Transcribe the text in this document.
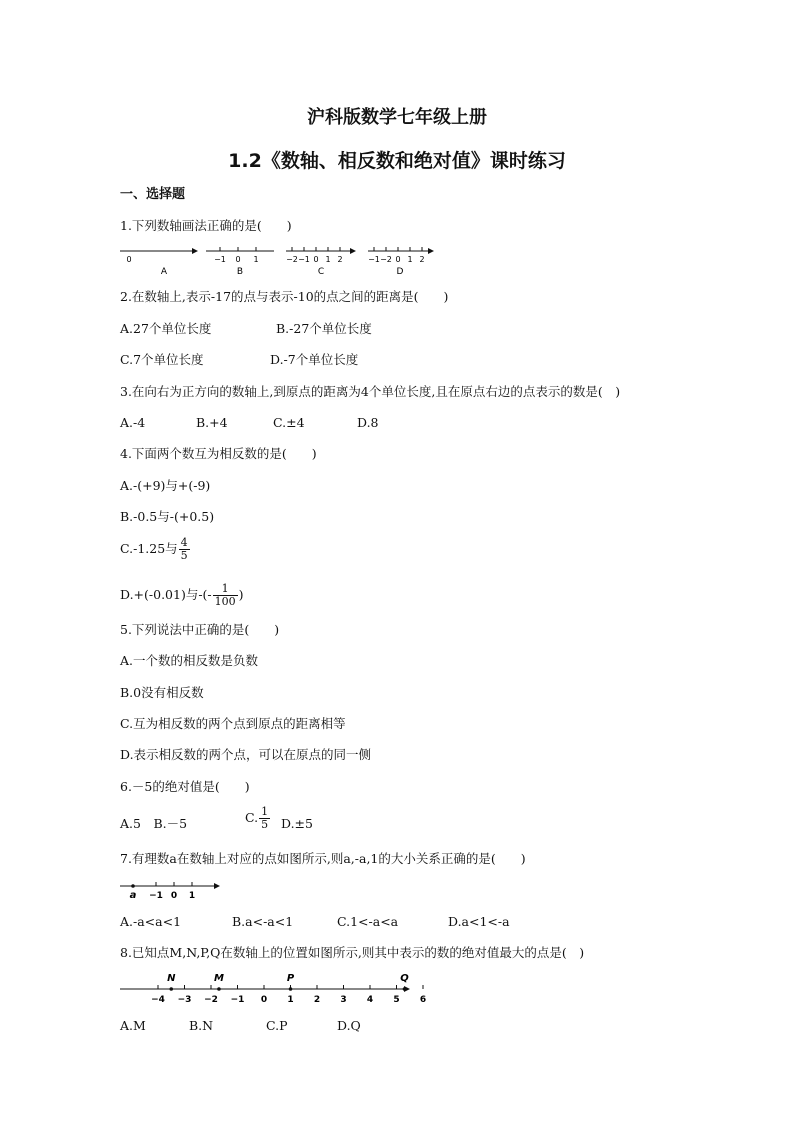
沪科版数学七年级上册
1.2《数轴、相反数和绝对值》课时练习
一、选择题
1.下列数轴画法正确的是(　　)
0
A
−1 0 1
B
−2 −1 0 1 2
C
−1 −2 0 1 2
D
2.在数轴上,表示-17的点与表示-10的点之间的距离是(　　)
A.27个单位长度	B.-27个单位长度
C.7个单位长度	D.-7个单位长度
3.在向右为正方向的数轴上,到原点的距离为4个单位长度,且在原点右边的点表示的数是(　)
A.-4	B.+4	C.±4	D.8
4.下面两个数互为相反数的是(　　)
A.-(+9)与+(-9)
B.-0.5与-(+0.5)
C.-1.25与 $\frac{4}{5}$
D.+(-0.01)与-(- $\frac{1}{100}$ )
5.下列说法中正确的是(　　)
A.一个数的相反数是负数
B.0没有相反数
C.互为相反数的两个点到原点的距离相等
D.表示相反数的两个点，可以在原点的同一侧
6.－5的绝对值是(　　)
A.5　B.－5	C. $\frac{1}{5} D.\pm 5$
7.有理数a在数轴上对应的点如图所示,则a,-a,1的大小关系正确的是(　　)
a −1 0 1
A.-a<a<1	B.a<-a<1	C.1<-a<a	D.a<1<-a
8.已知点M,N,P,Q在数轴上的位置如图所示,则其中表示的数的绝对值最大的点是(　)
−4 −3 −2 −1 0 1 2 3 4 5 6
N	M	P	Q
A.M	B.N	C.P	D.Q
